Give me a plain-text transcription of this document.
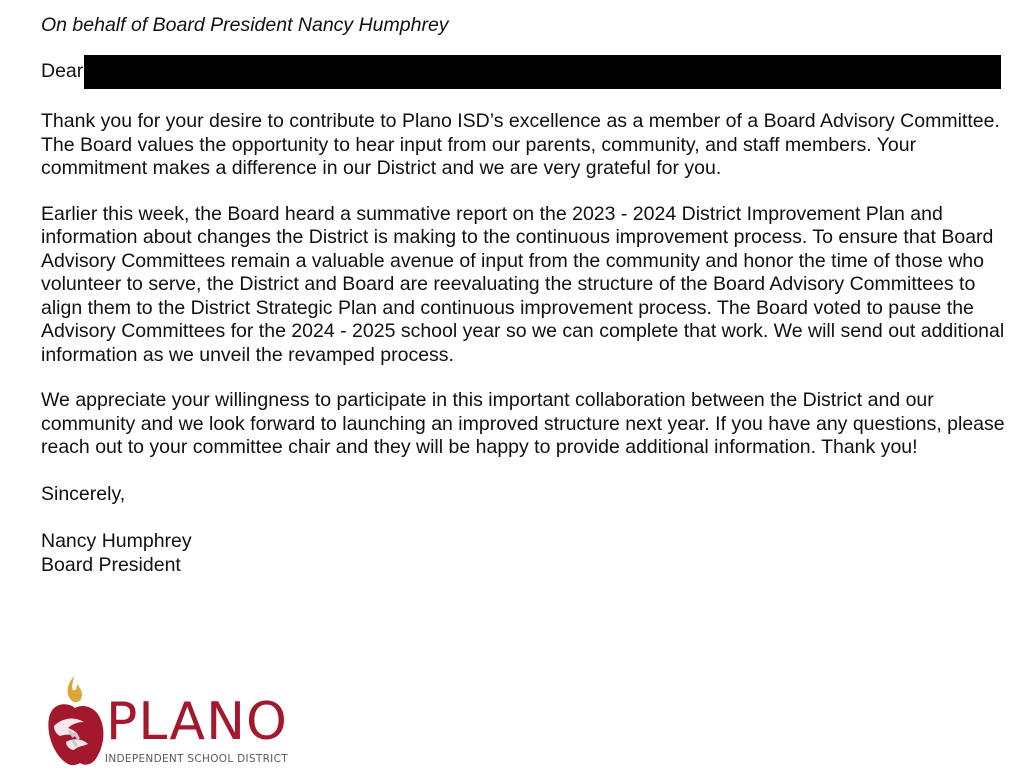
On behalf of Board President Nancy Humphrey

Dear

Thank you for your desire to contribute to Plano ISD’s excellence as a member of a Board Advisory Committee. The Board values the opportunity to hear input from our parents, community, and staff members. Your commitment makes a difference in our District and we are very grateful for you.

Earlier this week, the Board heard a summative report on the 2023 - 2024 District Improvement Plan and information about changes the District is making to the continuous improvement process. To ensure that Board Advisory Committees remain a valuable avenue of input from the community and honor the time of those who volunteer to serve, the District and Board are reevaluating the structure of the Board Advisory Committees to align them to the District Strategic Plan and continuous improvement process. The Board voted to pause the Advisory Committees for the 2024 - 2025 school year so we can complete that work. We will send out additional information as we unveil the revamped process.

We appreciate your willingness to participate in this important collaboration between the District and our community and we look forward to launching an improved structure next year. If you have any questions, please reach out to your committee chair and they will be happy to provide additional information. Thank you!

Sincerely,

Nancy Humphrey
Board President

PLANO
INDEPENDENT SCHOOL DISTRICT
